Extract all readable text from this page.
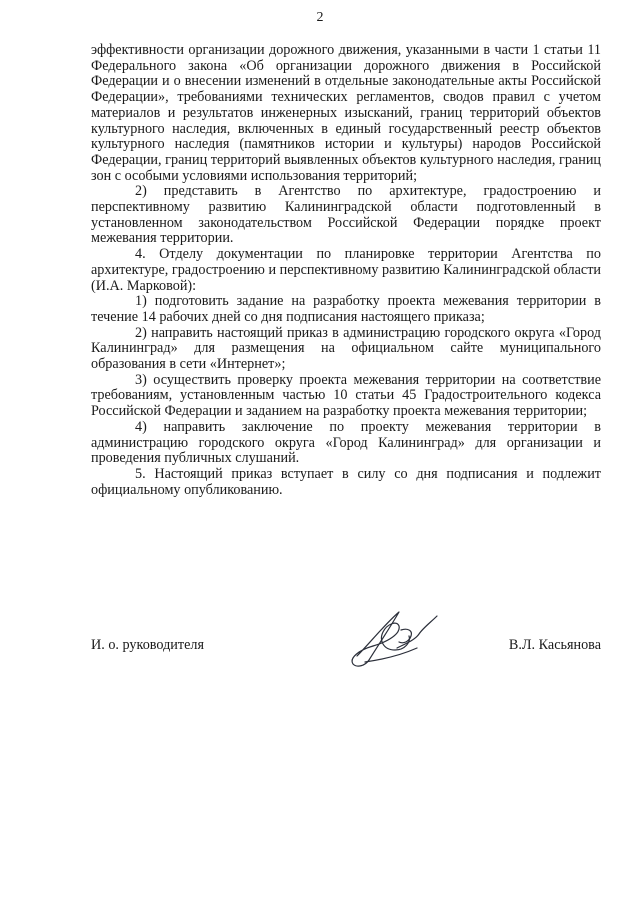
2

эффективности организации дорожного движения, указанными в части 1 статьи 11 Федерального закона «Об организации дорожного движения в Российской Федерации и о внесении изменений в отдельные законодательные акты Российской Федерации», требованиями технических регламентов, сводов правил с учетом материалов и результатов инженерных изысканий, границ территорий объектов культурного наследия, включенных в единый государственный реестр объектов культурного наследия (памятников истории и культуры) народов Российской Федерации, границ территорий выявленных объектов культурного наследия, границ зон с особыми условиями использования территорий;

2) представить в Агентство по архитектуре, градостроению и перспективному развитию Калининградской области подготовленный в установленном законодательством Российской Федерации порядке проект межевания территории.

4. Отделу документации по планировке территории Агентства по архитектуре, градостроению и перспективному развитию Калининградской области (И.А. Марковой):

1) подготовить задание на разработку проекта межевания территории в течение 14 рабочих дней со дня подписания настоящего приказа;

2) направить настоящий приказ в администрацию городского округа «Город Калининград» для размещения на официальном сайте муниципального образования в сети «Интернет»;

3) осуществить проверку проекта межевания территории на соответствие требованиям, установленным частью 10 статьи 45 Градостроительного кодекса Российской Федерации и заданием на разработку проекта межевания территории;

4) направить заключение по проекту межевания территории в администрацию городского округа «Город Калининград» для организации и проведения публичных слушаний.

5. Настоящий приказ вступает в силу со дня подписания и подлежит официальному опубликованию.

И. о. руководителя	В.Л. Касьянова
